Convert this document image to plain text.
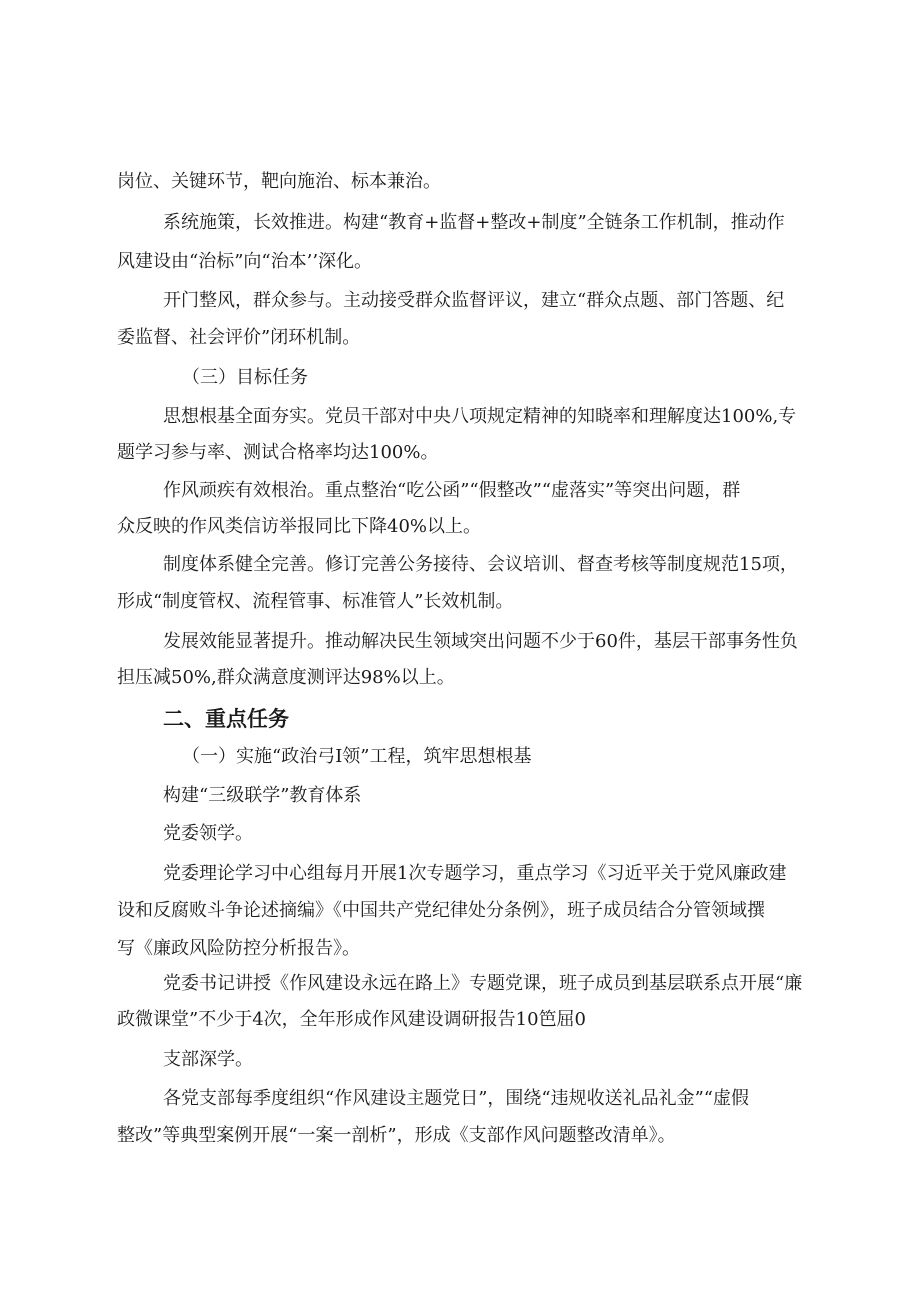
岗位、关键环节，靶向施治、标本兼治。

系统施策，长效推进。构建“教育+监督+整改+制度”全链条工作机制，推动作

风建设由“治标”向“治本’’深化。

开门整风，群众参与。主动接受群众监督评议，建立“群众点题、部门答题、纪

委监督、社会评价”闭环机制。

（三）目标任务

思想根基全面夯实。党员干部对中央八项规定精神的知晓率和理解度达100%,专

题学习参与率、测试合格率均达100%。

作风顽疾有效根治。重点整治“吃公函”“假整改”“虚落实”等突出问题，群

众反映的作风类信访举报同比下降40%以上。

制度体系健全完善。修订完善公务接待、会议培训、督查考核等制度规范15项，

形成“制度管权、流程管事、标准管人”长效机制。

发展效能显著提升。推动解决民生领域突出问题不少于60件，基层干部事务性负

担压减50%,群众满意度测评达98%以上。

二、重点任务

（一）实施“政治弓I领”工程，筑牢思想根基

构建“三级联学”教育体系

党委领学。

党委理论学习中心组每月开展1次专题学习，重点学习《习近平关于党风廉政建

设和反腐败斗争论述摘编》《中国共产党纪律处分条例》，班子成员结合分管领域撰

写《廉政风险防控分析报告》。

党委书记讲授《作风建设永远在路上》专题党课，班子成员到基层联系点开展“廉

政微课堂”不少于4次，全年形成作风建设调研报告10笆屈0

支部深学。

各党支部每季度组织“作风建设主题党日”，围绕“违规收送礼品礼金”“虚假

整改”等典型案例开展“一案一剖析”，形成《支部作风问题整改清单》。
